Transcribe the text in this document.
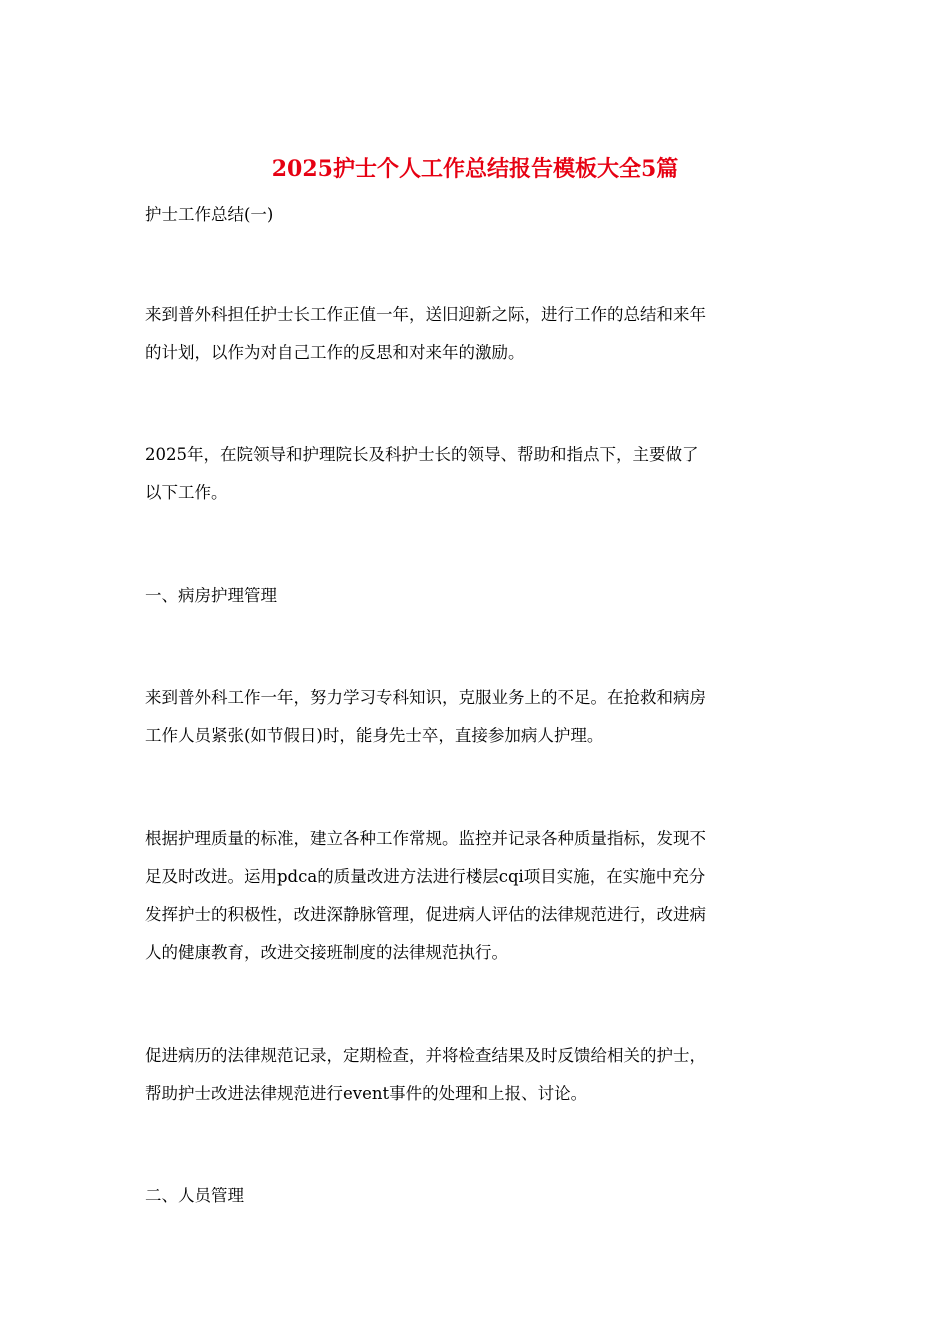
2025护士个人工作总结报告模板大全5篇
护士工作总结(一)
来到普外科担任护士长工作正值一年，送旧迎新之际，进行工作的总结和来年
的计划，以作为对自己工作的反思和对来年的激励。
2025年，在院领导和护理院长及科护士长的领导、帮助和指点下，主要做了
以下工作。
一、病房护理管理
来到普外科工作一年，努力学习专科知识，克服业务上的不足。在抢救和病房
工作人员紧张(如节假日)时，能身先士卒，直接参加病人护理。
根据护理质量的标准，建立各种工作常规。监控并记录各种质量指标，发现不
足及时改进。运用pdca的质量改进方法进行楼层cqi项目实施，在实施中充分
发挥护士的积极性，改进深静脉管理，促进病人评估的法律规范进行，改进病
人的健康教育，改进交接班制度的法律规范执行。
促进病历的法律规范记录，定期检查，并将检查结果及时反馈给相关的护士，
帮助护士改进法律规范进行event事件的处理和上报、讨论。
二、人员管理
